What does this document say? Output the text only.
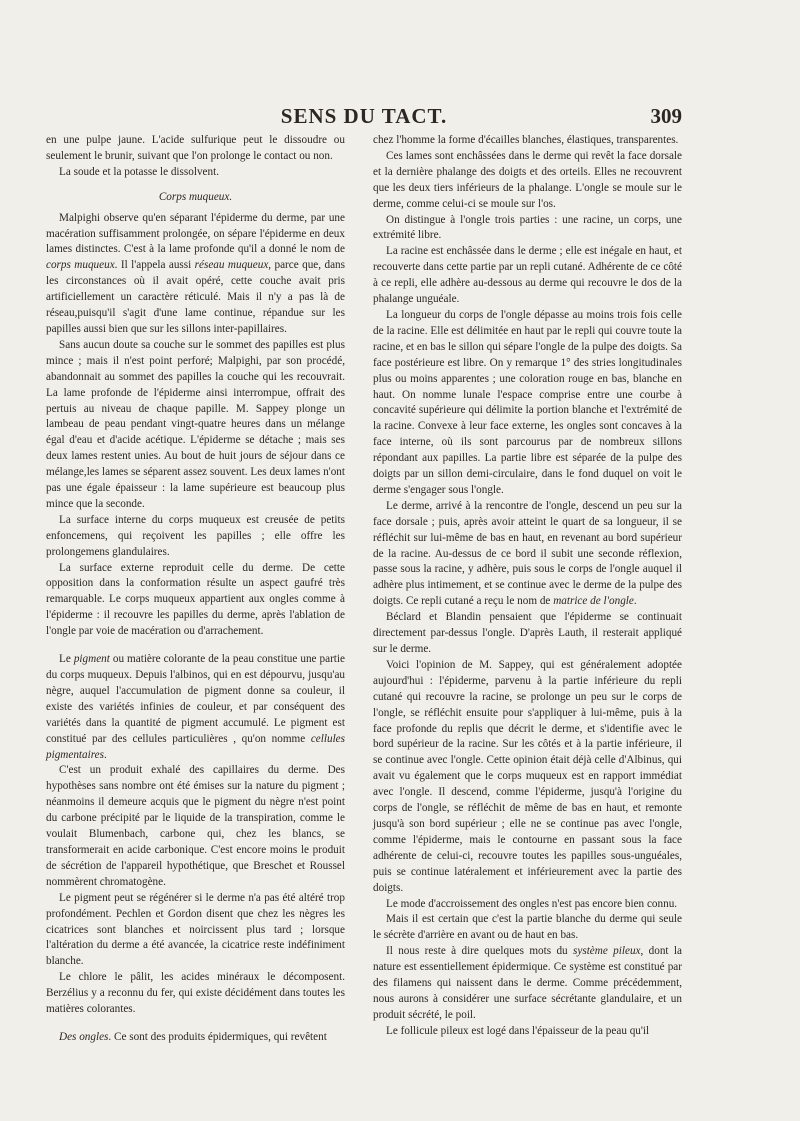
SENS DU TACT.	309

en une pulpe jaune. L'acide sulfurique peut le dissoudre ou seulement le brunir, suivant que l'on prolonge le contact ou non.

La soude et la potasse le dissolvent.

Corps muqueux.

Malpighi observe qu'en séparant l'épiderme du derme, par une macération suffisamment prolongée, on sépare l'épiderme en deux lames distinctes. C'est à la lame profonde qu'il a donné le nom de corps muqueux. Il l'appela aussi réseau muqueux, parce que, dans les circonstances où il avait opéré, cette couche avait pris artificiellement un caractère réticulé. Mais il n'y a pas là de réseau,puisqu'il s'agit d'une lame continue, répandue sur les papilles aussi bien que sur les sillons inter-papillaires.

Sans aucun doute sa couche sur le sommet des papilles est plus mince ; mais il n'est point perforé; Malpighi, par son procédé, abandonnait au sommet des papilles la couche qui les recouvrait. La lame profonde de l'épiderme ainsi interrompue, offrait des pertuis au niveau de chaque papille. M. Sappey plonge un lambeau de peau pendant vingt-quatre heures dans un mélange égal d'eau et d'acide acétique. L'épiderme se détache ; mais ses deux lames restent unies. Au bout de huit jours de séjour dans ce mélange,les lames se séparent assez souvent. Les deux lames n'ont pas une égale épaisseur : la lame supérieure est beaucoup plus mince que la seconde.

La surface interne du corps muqueux est creusée de petits enfoncemens, qui reçoivent les papilles ; elle offre les prolongemens glandulaires.

La surface externe reproduit celle du derme. De cette opposition dans la conformation résulte un aspect gaufré très remarquable. Le corps muqueux appartient aux ongles comme à l'épiderme : il recouvre les papilles du derme, après l'ablation de l'ongle par voie de macération ou d'arrachement.

Le pigment ou matière colorante de la peau constitue une partie du corps muqueux. Depuis l'albinos, qui en est dépourvu, jusqu'au nègre, auquel l'accumulation de pigment donne sa couleur, il existe des variétés infinies de couleur, et par conséquent des variétés dans la quantité de pigment accumulé. Le pigment est constitué par des cellules particulières , qu'on nomme cellules pigmentaires.

C'est un produit exhalé des capillaires du derme. Des hypothèses sans nombre ont été émises sur la nature du pigment ; néanmoins il demeure acquis que le pigment du nègre n'est point du carbone précipité par le liquide de la transpiration, comme le voulait Blumenbach, carbone qui, chez les blancs, se transformerait en acide carbonique. C'est encore moins le produit de sécrétion de l'appareil hypothétique, que Breschet et Roussel nommèrent chromatogène.

Le pigment peut se régénérer si le derme n'a pas été altéré trop profondément. Pechlen et Gordon disent que chez les nègres les cicatrices sont blanches et noircissent plus tard ; lorsque l'altération du derme a été avancée, la cicatrice reste indéfiniment blanche.

Le chlore le pâlit, les acides minéraux le décomposent. Berzélius y a reconnu du fer, qui existe décidément dans toutes les matières colorantes.

Des ongles. Ce sont des produits épidermiques, qui revêtent

chez l'homme la forme d'écailles blanches, élastiques, transparentes.

Ces lames sont enchâssées dans le derme qui revêt la face dorsale et la dernière phalange des doigts et des orteils. Elles ne recouvrent que les deux tiers inférieurs de la phalange. L'ongle se moule sur le derme, comme celui-ci se moule sur l'os.

On distingue à l'ongle trois parties : une racine, un corps, une extrémité libre.

La racine est enchâssée dans le derme ; elle est inégale en haut, et recouverte dans cette partie par un repli cutané. Adhérente de ce côté à ce repli, elle adhère au-dessous au derme qui recouvre le dos de la phalange unguéale.

La longueur du corps de l'ongle dépasse au moins trois fois celle de la racine. Elle est délimitée en haut par le repli qui couvre toute la racine, et en bas le sillon qui sépare l'ongle de la pulpe des doigts. Sa face postérieure est libre. On y remarque 1° des stries longitudinales plus ou moins apparentes ; une coloration rouge en bas, blanche en haut. On nomme lunale l'espace comprise entre une courbe à concavité supérieure qui délimite la portion blanche et l'extrémité de la racine. Convexe à leur face externe, les ongles sont concaves à la face interne, où ils sont parcourus par de nombreux sillons répondant aux papilles. La partie libre est séparée de la pulpe des doigts par un sillon demi-circulaire, dans le fond duquel on voit le derme s'engager sous l'ongle.

Le derme, arrivé à la rencontre de l'ongle, descend un peu sur la face dorsale ; puis, après avoir atteint le quart de sa longueur, il se réfléchit sur lui-même de bas en haut, en revenant au bord supérieur de la racine. Au-dessus de ce bord il subit une seconde réflexion, passe sous la racine, y adhère, puis sous le corps de l'ongle auquel il adhère plus intimement, et se continue avec le derme de la pulpe des doigts. Ce repli cutané a reçu le nom de matrice de l'ongle.

Béclard et Blandin pensaient que l'épiderme se continuait directement par-dessus l'ongle. D'après Lauth, il resterait appliqué sur le derme.

Voici l'opinion de M. Sappey, qui est généralement adoptée aujourd'hui : l'épiderme, parvenu à la partie inférieure du repli cutané qui recouvre la racine, se prolonge un peu sur le corps de l'ongle, se réfléchit ensuite pour s'appliquer à lui-même, puis à la face profonde du replis que décrit le derme, et s'identifie avec le bord supérieur de la racine. Sur les côtés et à la partie inférieure, il se continue avec l'ongle. Cette opinion était déjà celle d'Albinus, qui avait vu également que le corps muqueux est en rapport immédiat avec l'ongle. Il descend, comme l'épiderme, jusqu'à l'origine du corps de l'ongle, se réfléchit de même de bas en haut, et remonte jusqu'à son bord supérieur ; elle ne se continue pas avec l'ongle, comme l'épiderme, mais le contourne en passant sous la face adhérente de celui-ci, recouvre toutes les papilles sous-unguéales, puis se continue latéralement et inférieurement avec la partie des doigts.

Le mode d'accroissement des ongles n'est pas encore bien connu.

Mais il est certain que c'est la partie blanche du derme qui seule le sécrète d'arrière en avant ou de haut en bas.

Il nous reste à dire quelques mots du système pileux, dont la nature est essentiellement épidermique. Ce système est constitué par des filamens qui naissent dans le derme. Comme précédemment, nous aurons à considérer une surface sécrétante glandulaire, et un produit sécrété, le poil.

Le follicule pileux est logé dans l'épaisseur de la peau qu'il
